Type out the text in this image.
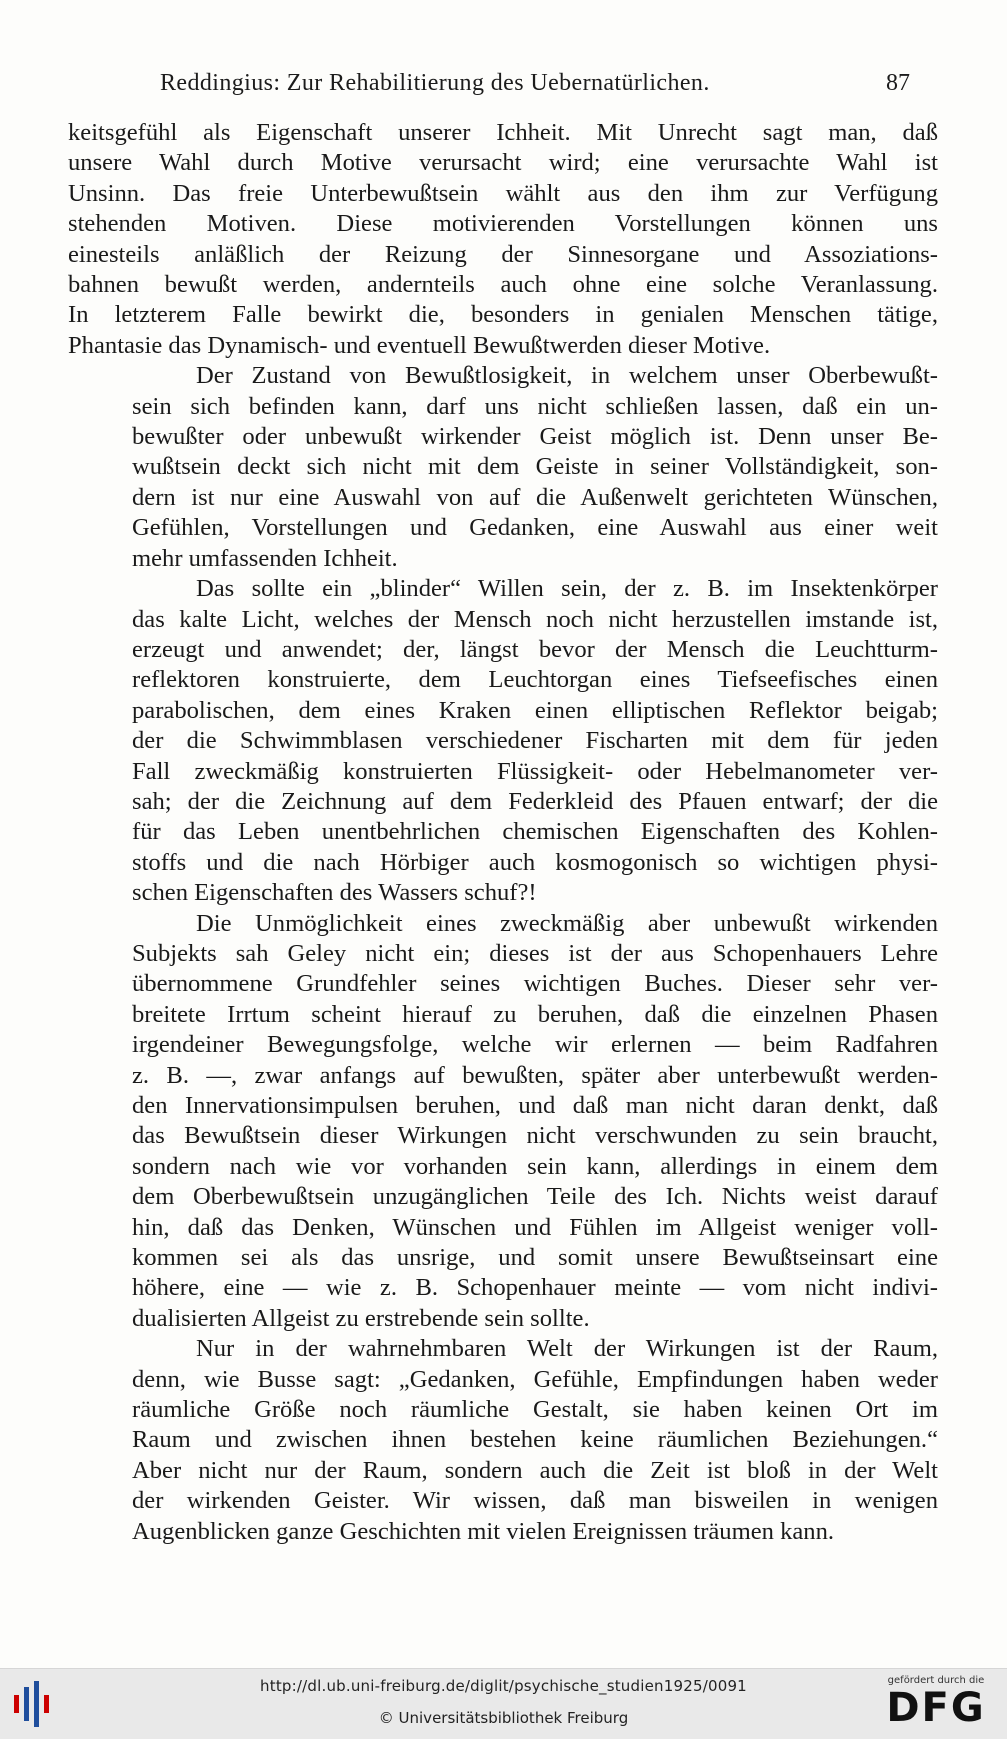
Reddingius: Zur Rehabilitierung des Uebernatürlichen.	87

keitsgefühl als Eigenschaft unserer Ichheit. Mit Unrecht sagt man, daß
unsere Wahl durch Motive verursacht wird; eine verursachte Wahl ist
Unsinn. Das freie Unterbewußtsein wählt aus den ihm zur Verfügung
stehenden Motiven. Diese motivierenden Vorstellungen können uns
einesteils anläßlich der Reizung der Sinnesorgane und Assoziations-
bahnen bewußt werden, andernteils auch ohne eine solche Veranlassung.
In letzterem Falle bewirkt die, besonders in genialen Menschen tätige,
Phantasie das Dynamisch- und eventuell Bewußtwerden dieser Motive.

Der Zustand von Bewußtlosigkeit, in welchem unser Oberbewußt-
sein sich befinden kann, darf uns nicht schließen lassen, daß ein un-
bewußter oder unbewußt wirkender Geist möglich ist. Denn unser Be-
wußtsein deckt sich nicht mit dem Geiste in seiner Vollständigkeit, son-
dern ist nur eine Auswahl von auf die Außenwelt gerichteten Wünschen,
Gefühlen, Vorstellungen und Gedanken, eine Auswahl aus einer weit
mehr umfassenden Ichheit.

Das sollte ein „blinder“ Willen sein, der z. B. im Insektenkörper
das kalte Licht, welches der Mensch noch nicht herzustellen imstande ist,
erzeugt und anwendet; der, längst bevor der Mensch die Leuchtturm-
reflektoren konstruierte, dem Leuchtorgan eines Tiefseefisches einen
parabolischen, dem eines Kraken einen elliptischen Reflektor beigab;
der die Schwimmblasen verschiedener Fischarten mit dem für jeden
Fall zweckmäßig konstruierten Flüssigkeit- oder Hebelmanometer ver-
sah; der die Zeichnung auf dem Federkleid des Pfauen entwarf; der die
für das Leben unentbehrlichen chemischen Eigenschaften des Kohlen-
stoffs und die nach Hörbiger auch kosmogonisch so wichtigen physi-
schen Eigenschaften des Wassers schuf?!

Die Unmöglichkeit eines zweckmäßig aber unbewußt wirkenden
Subjekts sah Geley nicht ein; dieses ist der aus Schopenhauers Lehre
übernommene Grundfehler seines wichtigen Buches. Dieser sehr ver-
breitete Irrtum scheint hierauf zu beruhen, daß die einzelnen Phasen
irgendeiner Bewegungsfolge, welche wir erlernen — beim Radfahren
z. B. —, zwar anfangs auf bewußten, später aber unterbewußt werden-
den Innervationsimpulsen beruhen, und daß man nicht daran denkt, daß
das Bewußtsein dieser Wirkungen nicht verschwunden zu sein braucht,
sondern nach wie vor vorhanden sein kann, allerdings in einem dem
dem Oberbewußtsein unzugänglichen Teile des Ich. Nichts weist darauf
hin, daß das Denken, Wünschen und Fühlen im Allgeist weniger voll-
kommen sei als das unsrige, und somit unsere Bewußtseinsart eine
höhere, eine — wie z. B. Schopenhauer meinte — vom nicht indivi-
dualisierten Allgeist zu erstrebende sein sollte.

Nur in der wahrnehmbaren Welt der Wirkungen ist der Raum,
denn, wie Busse sagt: „Gedanken, Gefühle, Empfindungen haben weder
räumliche Größe noch räumliche Gestalt, sie haben keinen Ort im
Raum und zwischen ihnen bestehen keine räumlichen Beziehungen.“
Aber nicht nur der Raum, sondern auch die Zeit ist bloß in der Welt
der wirkenden Geister. Wir wissen, daß man bisweilen in wenigen
Augenblicken ganze Geschichten mit vielen Ereignissen träumen kann.

http://dl.ub.uni-freiburg.de/diglit/psychische_studien1925/0091
© Universitätsbibliothek Freiburg
gefördert durch die
DFG
